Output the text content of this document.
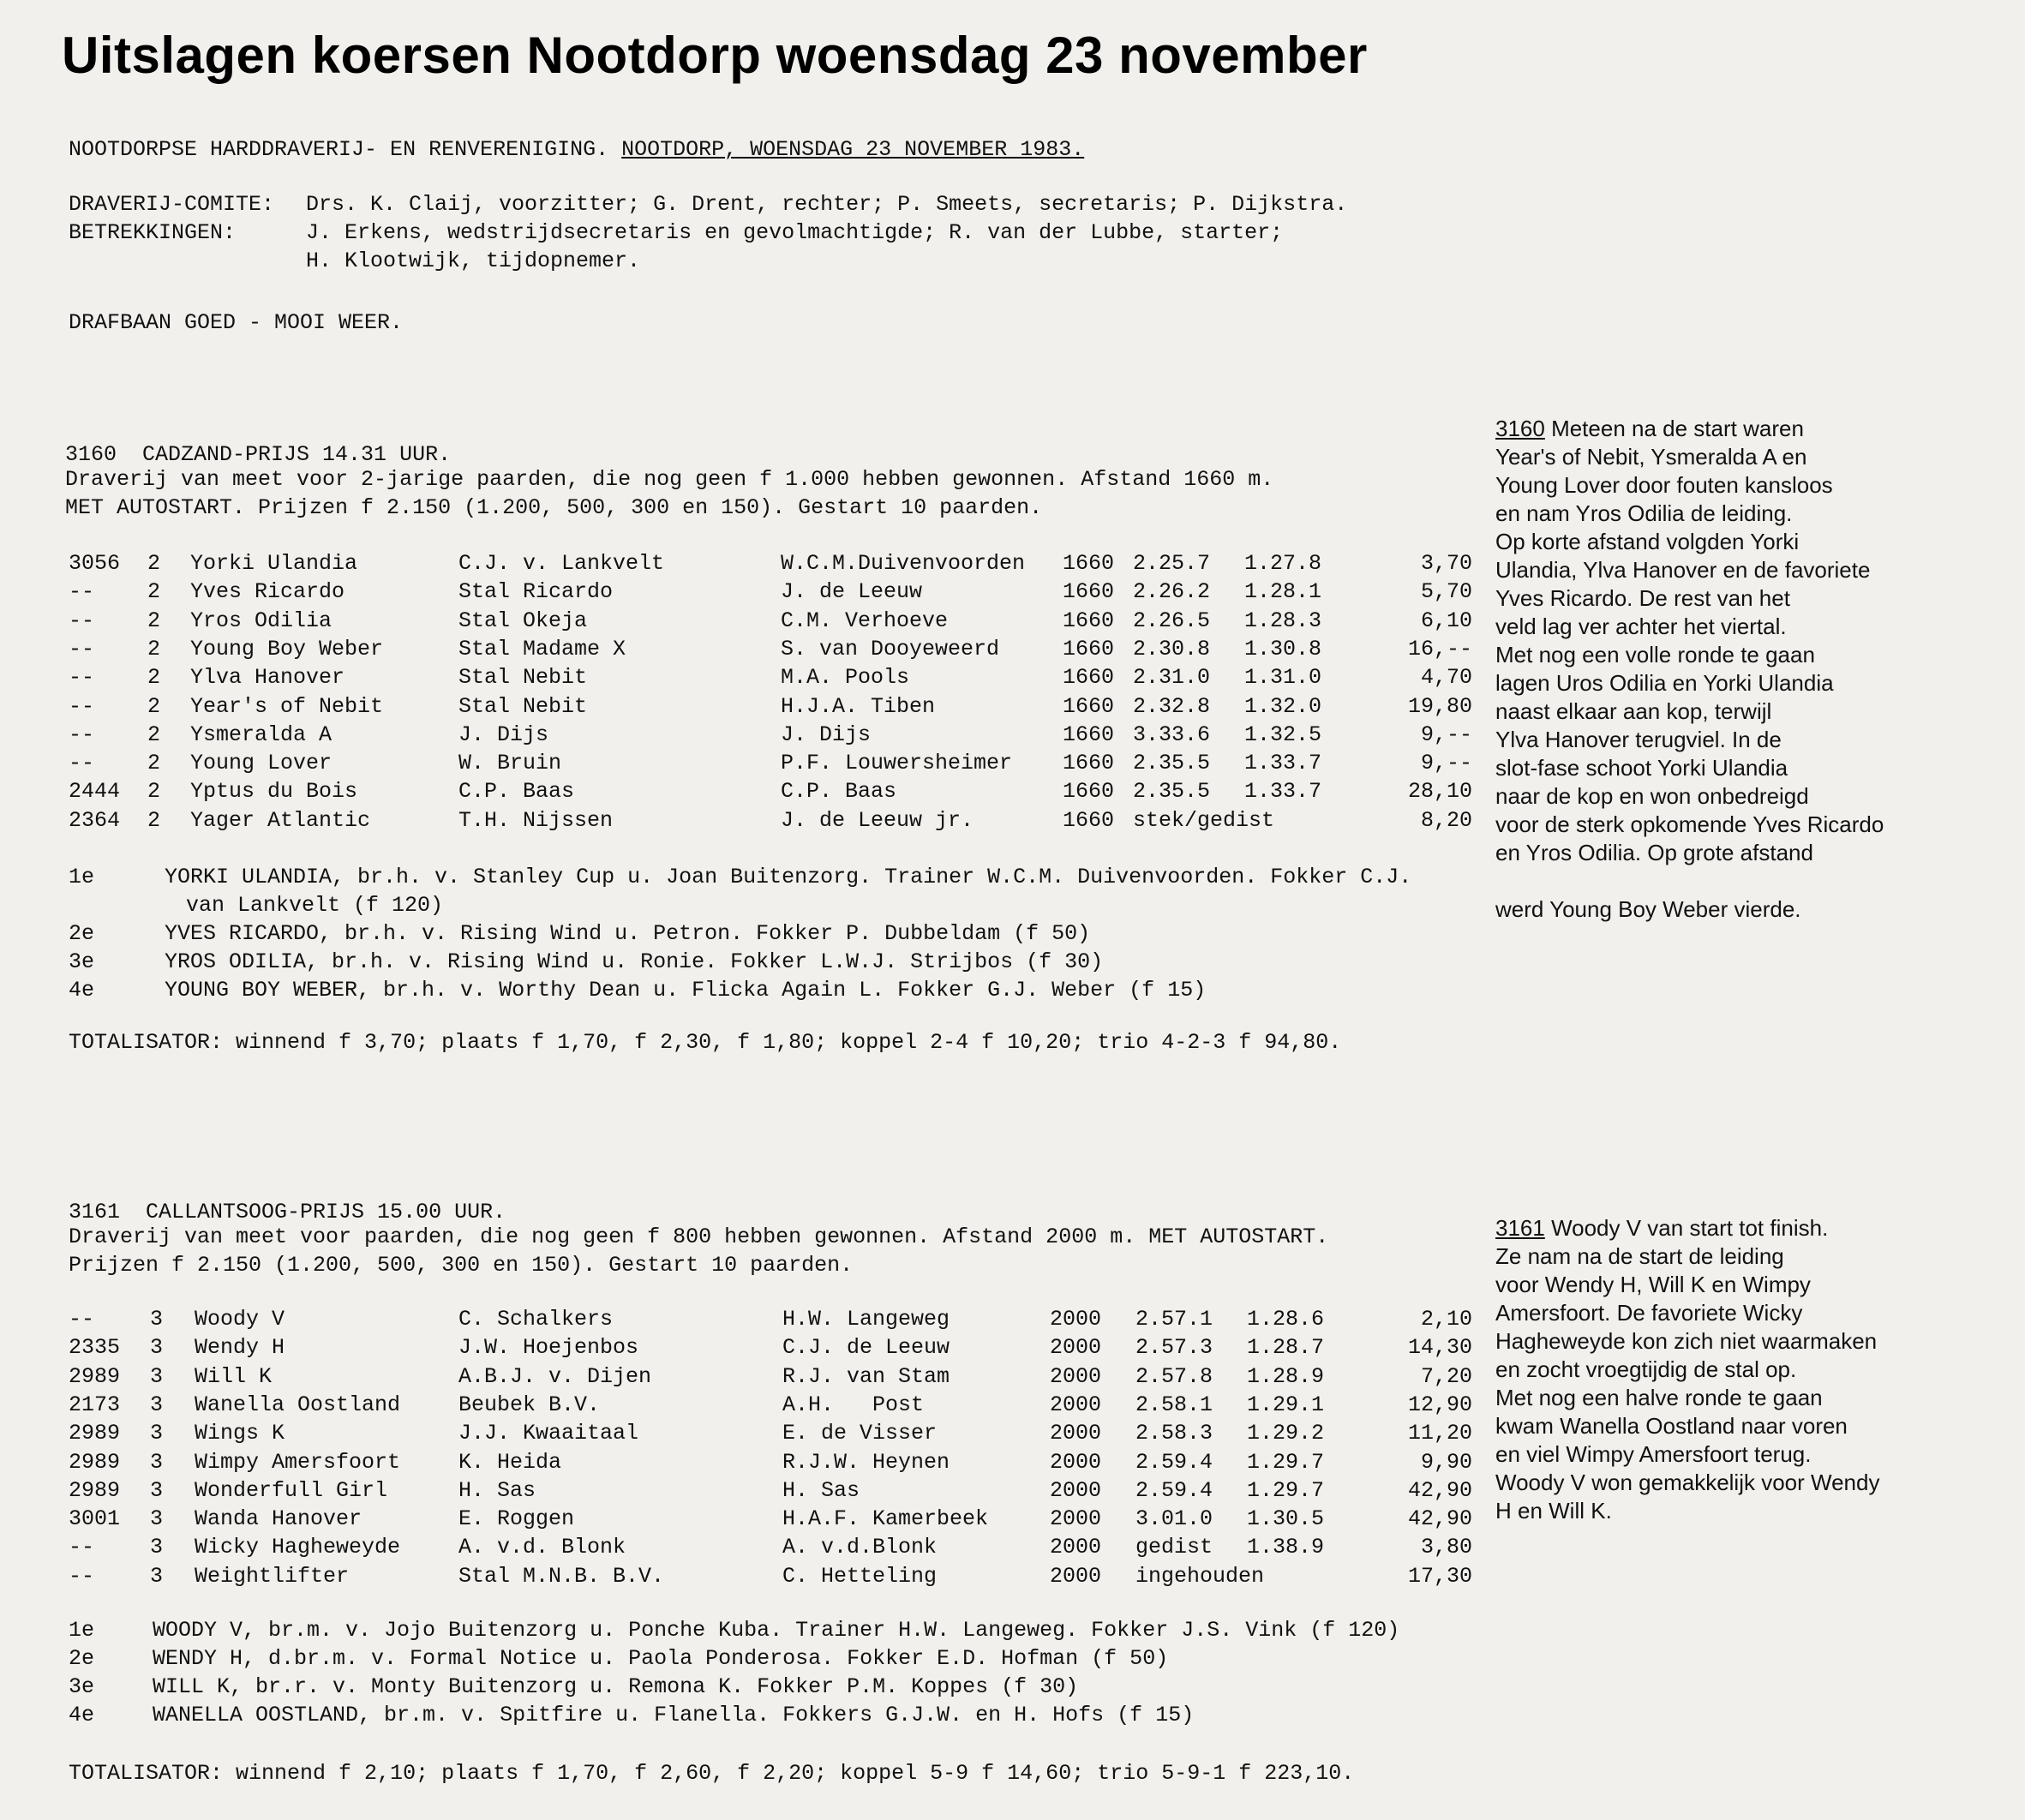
Uitslagen koersen Nootdorp woensdag 23 november
NOOTDORPSE HARDDRAVERIJ- EN RENVERENIGING. NOOTDORP, WOENSDAG 23 NOVEMBER 1983.
DRAVERIJ-COMITE: Drs. K. Claij, voorzitter; G. Drent, rechter; P. Smeets, secretaris; P. Dijkstra.
BETREKKINGEN:	J. Erkens, wedstrijdsecretaris en gevolmachtigde; R. van der Lubbe, starter;
H. Klootwijk, tijdopnemer.
DRAFBAAN GOED - MOOI WEER.
3160  CADZAND-PRIJS 14.31 UUR.
Draverij van meet voor 2-jarige paarden, die nog geen f 1.000 hebben gewonnen. Afstand 1660 m.
MET AUTOSTART. Prijzen f 2.150 (1.200, 500, 300 en 150). Gestart 10 paarden.
3056 2 Yorki Ulandia	C.J. v. Lankvelt	W.C.M.Duivenvoorden 1660 2.25.7 1.27.8	3,70
-- 2 Yves Ricardo	Stal Ricardo	J. de Leeuw	1660 2.26.2 1.28.1	5,70
-- 2 Yros Odilia	Stal Okeja	C.M. Verhoeve	1660 2.26.5 1.28.3	6,10
-- 2 Young Boy Weber	Stal Madame X	S. van Dooyeweerd	1660 2.30.8 1.30.8	16,--
-- 2 Ylva Hanover	Stal Nebit	M.A. Pools	1660 2.31.0 1.31.0	4,70
-- 2 Year's of Nebit	Stal Nebit	H.J.A. Tiben	1660 2.32.8 1.32.0	19,80
-- 2 Ysmeralda A	J. Dijs	J. Dijs	1660 3.33.6 1.32.5	9,--
-- 2 Young Lover	W. Bruin	P.F. Louwersheimer 1660 2.35.5 1.33.7	9,--
2444 2 Yptus du Bois	C.P. Baas	C.P. Baas	1660 2.35.5 1.33.7	28,10
2364 2 Yager Atlantic	T.H. Nijssen	J. de Leeuw jr.	1660 stek/gedist	8,20
1e	YORKI ULANDIA, br.h. v. Stanley Cup u. Joan Buitenzorg. Trainer W.C.M. Duivenvoorden. Fokker C.J.
van Lankvelt (f 120)
2e	YVES RICARDO, br.h. v. Rising Wind u. Petron. Fokker P. Dubbeldam (f 50)
3e	YROS ODILIA, br.h. v. Rising Wind u. Ronie. Fokker L.W.J. Strijbos (f 30)
4e	YOUNG BOY WEBER, br.h. v. Worthy Dean u. Flicka Again L. Fokker G.J. Weber (f 15)
TOTALISATOR: winnend f 3,70; plaats f 1,70, f 2,30, f 1,80; koppel 2-4 f 10,20; trio 4-2-3 f 94,80.
3160 Meteen na de start waren
Year's of Nebit, Ysmeralda A en
Young Lover door fouten kansloos
en nam Yros Odilia de leiding.
Op korte afstand volgden Yorki
Ulandia, Ylva Hanover en de favoriete
Yves Ricardo. De rest van het
veld lag ver achter het viertal.
Met nog een volle ronde te gaan
lagen Uros Odilia en Yorki Ulandia
naast elkaar aan kop, terwijl
Ylva Hanover terugviel. In de
slot-fase schoot Yorki Ulandia
naar de kop en won onbedreigd
voor de sterk opkomende Yves Ricardo
en Yros Odilia. Op grote afstand
werd Young Boy Weber vierde.
3161  CALLANTSOOG-PRIJS 15.00 UUR.
Draverij van meet voor paarden, die nog geen f 800 hebben gewonnen. Afstand 2000 m. MET AUTOSTART.
Prijzen f 2.150 (1.200, 500, 300 en 150). Gestart 10 paarden.
--	3 Woody V	C. Schalkers	H.W. Langeweg	2000 2.57.1 1.28.6	2,10
2335 3 Wendy H	J.W. Hoejenbos	C.J. de Leeuw	2000 2.57.3 1.28.7	14,30
2989 3 Will K	A.B.J. v. Dijen	R.J. van Stam	2000 2.57.8 1.28.9	7,20
2173 3 Wanella Oostland	Beubek B.V.	A.H.   Post	2000 2.58.1 1.29.1	12,90
2989 3 Wings K	J.J. Kwaaitaal	E. de Visser	2000 2.58.3 1.29.2	11,20
2989 3 Wimpy Amersfoort	K. Heida	R.J.W. Heynen	2000 2.59.4 1.29.7	9,90
2989 3 Wonderfull Girl	H. Sas	H. Sas	2000 2.59.4 1.29.7	42,90
3001 3 Wanda Hanover	E. Roggen	H.A.F. Kamerbeek	2000 3.01.0 1.30.5	42,90
--	3 Wicky Hagheweyde	A. v.d. Blonk	A. v.d.Blonk	2000 gedist 1.38.9	3,80
--	3 Weightlifter	Stal M.N.B. B.V.	C. Hetteling	2000 ingehouden	17,30
1e	WOODY V, br.m. v. Jojo Buitenzorg u. Ponche Kuba. Trainer H.W. Langeweg. Fokker J.S. Vink (f 120)
2e	WENDY H, d.br.m. v. Formal Notice u. Paola Ponderosa. Fokker E.D. Hofman (f 50)
3e	WILL K, br.r. v. Monty Buitenzorg u. Remona K. Fokker P.M. Koppes (f 30)
4e	WANELLA OOSTLAND, br.m. v. Spitfire u. Flanella. Fokkers G.J.W. en H. Hofs (f 15)
TOTALISATOR: winnend f 2,10; plaats f 1,70, f 2,60, f 2,20; koppel 5-9 f 14,60; trio 5-9-1 f 223,10.
3161 Woody V van start tot finish.
Ze nam na de start de leiding
voor Wendy H, Will K en Wimpy
Amersfoort. De favoriete Wicky
Hagheweyde kon zich niet waarmaken
en zocht vroegtijdig de stal op.
Met nog een halve ronde te gaan
kwam Wanella Oostland naar voren
en viel Wimpy Amersfoort terug.
Woody V won gemakkelijk voor Wendy
H en Will K.
